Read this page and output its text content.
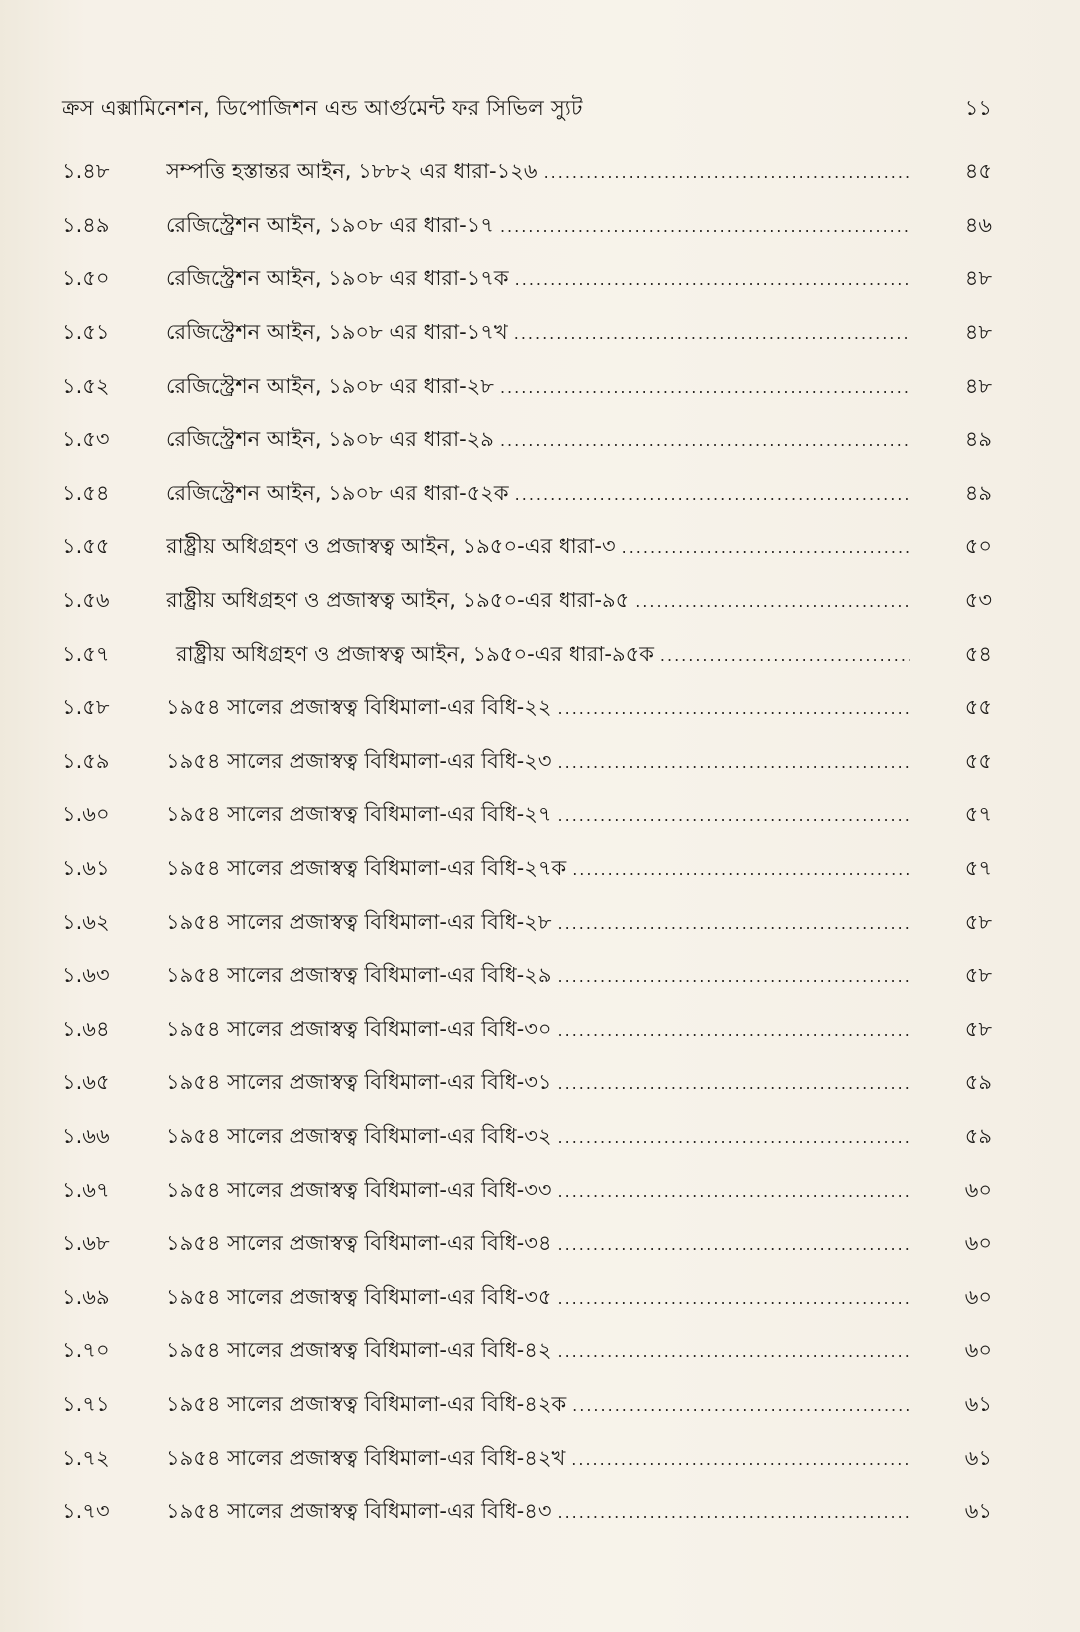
ক্রস এক্সামিনেশন, ডিপোজিশন এন্ড আর্গুমেন্ট ফর সিভিল স্যুট	১১
১.৪৮	সম্পত্তি হস্তান্তর আইন, ১৮৮২ এর ধারা-১২৬ .....	৪৫
১.৪৯	রেজিস্ট্রেশন আইন, ১৯০৮ এর ধারা-১৭ .....	৪৬
১.৫০	রেজিস্ট্রেশন আইন, ১৯০৮ এর ধারা-১৭ক .....	৪৮
১.৫১	রেজিস্ট্রেশন আইন, ১৯০৮ এর ধারা-১৭খ .....	৪৮
১.৫২	রেজিস্ট্রেশন আইন, ১৯০৮ এর ধারা-২৮ .....	৪৮
১.৫৩	রেজিস্ট্রেশন আইন, ১৯০৮ এর ধারা-২৯ .....	৪৯
১.৫৪	রেজিস্ট্রেশন আইন, ১৯০৮ এর ধারা-৫২ক .....	৪৯
১.৫৫	রাষ্ট্রীয় অধিগ্রহণ ও প্রজাস্বত্ব আইন, ১৯৫০-এর ধারা-৩ .....	৫০
১.৫৬	রাষ্ট্রীয় অধিগ্রহণ ও প্রজাস্বত্ব আইন, ১৯৫০-এর ধারা-৯৫ .....	৫৩
১.৫৭	রাষ্ট্রীয় অধিগ্রহণ ও প্রজাস্বত্ব আইন, ১৯৫০-এর ধারা-৯৫ক .....	৫৪
১.৫৮	১৯৫৪ সালের প্রজাস্বত্ব বিধিমালা-এর বিধি-২২ .....	৫৫
১.৫৯	১৯৫৪ সালের প্রজাস্বত্ব বিধিমালা-এর বিধি-২৩ .....	৫৫
১.৬০	১৯৫৪ সালের প্রজাস্বত্ব বিধিমালা-এর বিধি-২৭ .....	৫৭
১.৬১	১৯৫৪ সালের প্রজাস্বত্ব বিধিমালা-এর বিধি-২৭ক .....	৫৭
১.৬২	১৯৫৪ সালের প্রজাস্বত্ব বিধিমালা-এর বিধি-২৮ .....	৫৮
১.৬৩	১৯৫৪ সালের প্রজাস্বত্ব বিধিমালা-এর বিধি-২৯ .....	৫৮
১.৬৪	১৯৫৪ সালের প্রজাস্বত্ব বিধিমালা-এর বিধি-৩০ .....	৫৮
১.৬৫	১৯৫৪ সালের প্রজাস্বত্ব বিধিমালা-এর বিধি-৩১ .....	৫৯
১.৬৬	১৯৫৪ সালের প্রজাস্বত্ব বিধিমালা-এর বিধি-৩২ .....	৫৯
১.৬৭	১৯৫৪ সালের প্রজাস্বত্ব বিধিমালা-এর বিধি-৩৩ .....	৬০
১.৬৮	১৯৫৪ সালের প্রজাস্বত্ব বিধিমালা-এর বিধি-৩৪ .....	৬০
১.৬৯	১৯৫৪ সালের প্রজাস্বত্ব বিধিমালা-এর বিধি-৩৫ .....	৬০
১.৭০	১৯৫৪ সালের প্রজাস্বত্ব বিধিমালা-এর বিধি-৪২ .....	৬০
১.৭১	১৯৫৪ সালের প্রজাস্বত্ব বিধিমালা-এর বিধি-৪২ক .....	৬১
১.৭২	১৯৫৪ সালের প্রজাস্বত্ব বিধিমালা-এর বিধি-৪২খ .....	৬১
১.৭৩	১৯৫৪ সালের প্রজাস্বত্ব বিধিমালা-এর বিধি-৪৩ .....	৬১
